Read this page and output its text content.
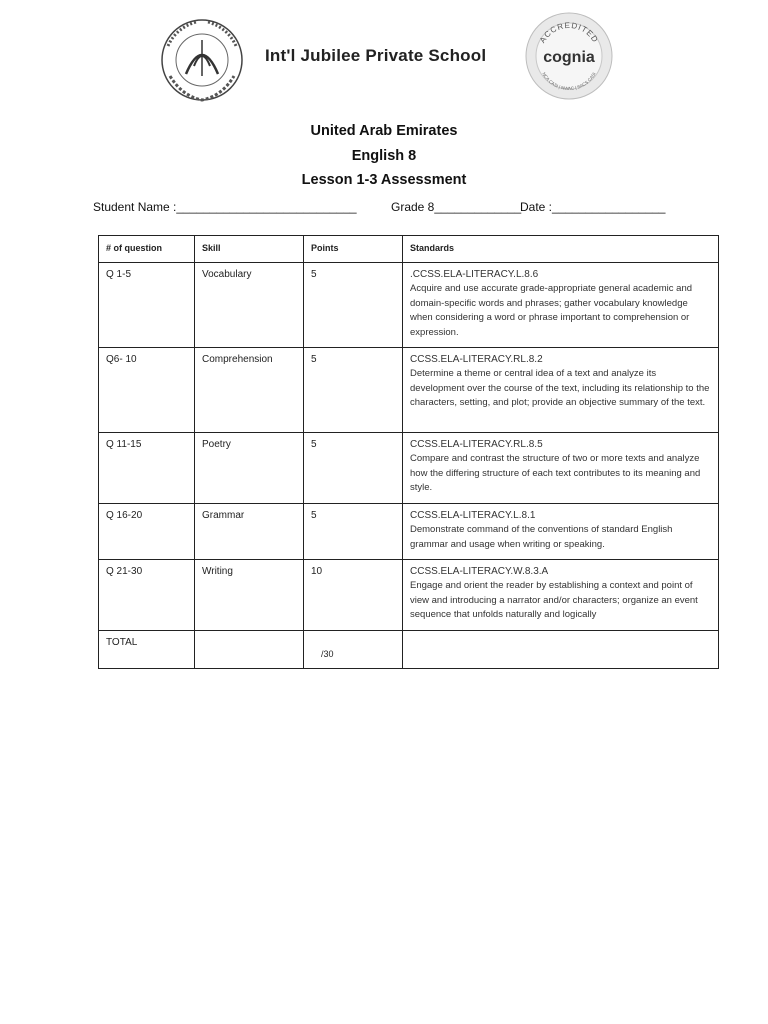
Int'l Jubilee Private School
ACCREDITED
cognia
NCA CASI | NWAC | SACS CASI
United Arab Emirates
English 8
Lesson 1-3 Assessment
Student Name :___________________________	Grade 8_____________
Date :_________________
# of question	Skill	Points	Standards
Q 1-5	Vocabulary	5	.CCSS.ELA-LITERACY.L.8.6
Acquire and use accurate grade-appropriate general academic and domain-specific words and phrases; gather vocabulary knowledge when considering a word or phrase important to comprehension or expression.

Q6- 10	Comprehension	5	CCSS.ELA-LITERACY.RL.8.2
Determine a theme or central idea of a text and analyze its development over the course of the text, including its relationship to the characters, setting, and plot; provide an objective summary of the text.

Q 11-15	Poetry	5	CCSS.ELA-LITERACY.RL.8.5
Compare and contrast the structure of two or more texts and analyze how the differing structure of each text contributes to its meaning and style.

Q 16-20	Grammar	5	CCSS.ELA-LITERACY.L.8.1
Demonstrate command of the conventions of standard English grammar and usage when writing or speaking.

Q 21-30	Writing	10	CCSS.ELA-LITERACY.W.8.3.A
Engage and orient the reader by establishing a context and point of view and introducing a narrator and/or characters; organize an event sequence that unfolds naturally and logically

TOTAL		/30	
